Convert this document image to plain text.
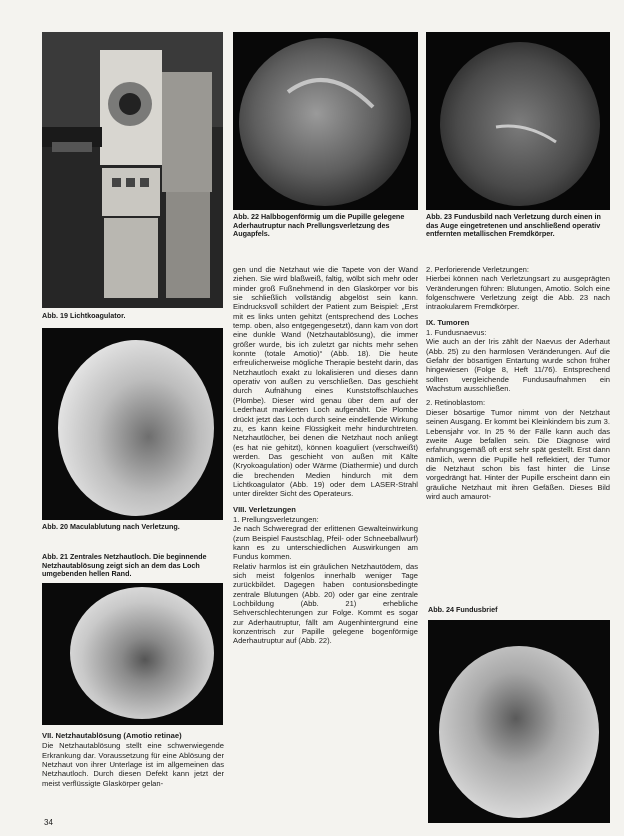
Abb. 19 Lichtkoagulator.
Abb. 20 Maculablutung nach Verletzung.
Abb. 21 Zentrales Netzhautloch. Die beginnende Netzhautablösung zeigt sich an dem das Loch umgebenden hellen Rand.

VII. Netzhautablösung (Amotio retinae)

Die Netzhautablösung stellt eine schwerwiegende Erkrankung dar. Voraussetzung für eine Ablösung der Netzhaut von ihrer Unterlage ist im allgemeinen das Netzhautloch. Durch diesen Defekt kann jetzt der meist verflüssigte Glaskörper gelan-

Abb. 22 Halbbogenförmig um die Pupille gelegene Aderhautruptur nach Prellungsverletzung des Augapfels.
Abb. 23 Fundusbild nach Verletzung durch einen in das Auge eingetretenen und anschließend operativ entfernten metallischen Fremdkörper.

gen und die Netzhaut wie die Tapete von der Wand ziehen. Sie wird blaßweiß, faltig, wölbt sich mehr oder minder groß Fußnehmend in den Glaskörper vor bis sie schließlich vollständig abgelöst sein kann. Eindrucksvoll schildert der Patient zum Beispiel: „Erst mit es links unten gehitzt (entsprechend des Loches temp. oben, also entgegengesetzt), dann kam von dort eine dunkle Wand (Netzhautablösung), die immer größer wurde, bis ich zuletzt gar nichts mehr sehen konnte (totale Amotio)“ (Abb. 18). Die heute erfreulicherweise mögliche Therapie besteht darin, das Netzhautloch exakt zu lokalisieren und dieses dann operativ von außen zu verschließen. Das geschieht durch Aufnähung eines Kunststoffschlauches (Plombe). Dieser wird genau über dem auf der Lederhaut markierten Loch aufgenäht. Die Plombe drückt jetzt das Loch durch seine eindellende Wirkung zu, es kann keine Flüssigkeit mehr hindurchtreten. Netzhautlöcher, bei denen die Netzhaut noch anliegt (es hat nie gehitzt), können koaguliert (verschweißt) werden. Das geschieht von außen mit Kälte (Kryokoagulation) oder Wärme (Diathermie) und durch die brechenden Medien hindurch mit dem Lichtkoagulator (Abb. 19) oder dem LASER-Strahl unter direkter Sicht des Operateurs.

VIII. Verletzungen

1. Prellungsverletzungen:

Je nach Schweregrad der erlittenen Gewalteinwirkung (zum Beispiel Faustschlag, Pfeil- oder Schneeballwurf) kann es zu unterschiedlichen Auswirkungen am Fundus kommen.

Relativ harmlos ist ein gräulichen Netzhautödem, das sich meist folgenlos innerhalb weniger Tage zurückbildet. Dagegen haben contusionsbedingte zentrale Blutungen (Abb. 20) oder gar eine zentrale Lochbildung (Abb. 21) erhebliche Sehverschlechterungen zur Folge. Kommt es sogar zur Aderhautruptur, fällt am Augenhintergrund eine konzentrisch zur Papille gelegene bogenförmige Aderhautruptur auf (Abb. 22).

2. Perforierende Verletzungen:

Hierbei können nach Verletzungsart zu ausgeprägten Veränderungen führen: Blutungen, Amotio. Solch eine folgenschwere Verletzung zeigt die Abb. 23 nach intraokularem Fremdkörper.

IX. Tumoren

1. Fundusnaevus:

Wie auch an der Iris zählt der Naevus der Aderhaut (Abb. 25) zu den harmlosen Veränderungen. Auf die Gefahr der bösartigen Entartung wurde schon früher hingewiesen (Folge 8, Heft 11/76). Entsprechend sollten vergleichende Fundusaufnahmen ein Wachstum ausschließen.

2. Retinoblastom:

Dieser bösartige Tumor nimmt von der Netzhaut seinen Ausgang. Er kommt bei Kleinkindern bis zum 3. Lebensjahr vor. In 25 % der Fälle kann auch das zweite Auge befallen sein. Die Diagnose wird erfahrungsgemäß oft erst sehr spät gestellt. Erst dann nämlich, wenn die Pupille hell reflektiert, der Tumor die Netzhaut schon bis fast hinter die Linse vorgedrängt hat. Hinter der Pupille erscheint dann ein gräuliche Netzhaut mit ihren Gefäßen. Dieses Bild wird auch amaurot-

Abb. 24 Fundusbrief
34
